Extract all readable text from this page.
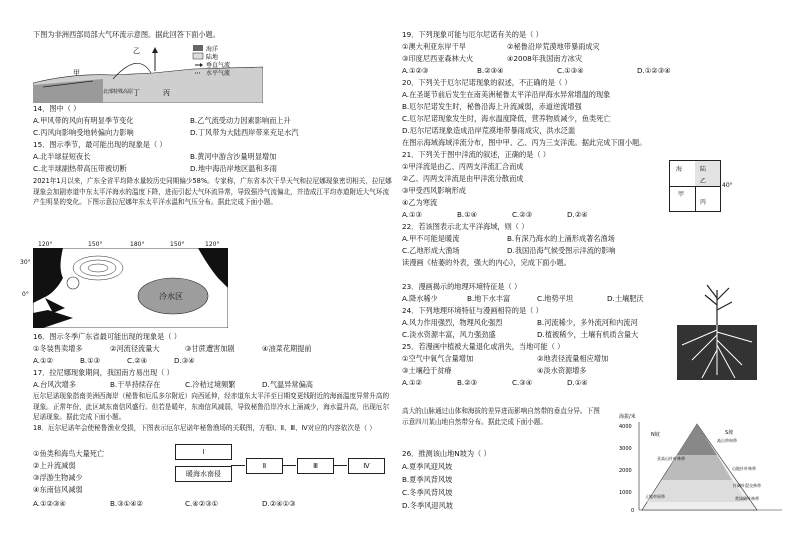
下图为非洲西部局部大气环流示意图。据此回答下面小题。
乙
甲
丙
丁
北部特殊高原
海洋
陆地
垂直气流
水平气流
14．图中（ ）
A.甲风带的风向有明显季节变化
C.丙风向影响受地转偏向力影响
B.乙气流受动力因素影响而上升
D.丁风带为大陆西岸带来充足水汽
15．图示季节，最可能出现的现象是（ ）
A.北半球昼短夜长
C.北半球副热带高压带被切断
B.黄河中游含沙量明显增加
D.地中海沿岸地区温和多雨
2021年1月以来，广东全省平均降水量较历史同期偏少58%。专家称，广东省本次干旱天气和拉尼娜现象密切相关，拉尼娜现象会加剧赤道中东太平洋海水的温度下降，进而引起大气环流异常，导致强冷气流偏北，并造成江平均赤道附近大气环流产生明显的变化。下图示意拉尼娜年东太平洋水温和气压分布。据此完成下面小题。
冷水区
120°	150°	180°	150°	120°
30°
0°
16．图示冬季广东省最可能出现的现象是（ ）
①冬装售卖增多	②河流径流量大	③甘蔗遭害加剧	④油菜花期提前
A.①②	B.①③	C.②④	D.③④
17．拉尼娜现象期间，我国南方易出现（ ）
A.台风次增多	B.干旱持续存在	C.冷秸过境频繁	D.气温异常偏高
厄尔尼诺现象指南美洲西海岸（秘鲁和厄瓜多尔附近）向西延伸，经赤道东太平洋至日期变更线附近的海面温度异常升高的现象。正常年份，此区域东南信风盛行。但若是暖年，东南信风减弱，导致秘鲁沿岸冷水上涌减少，海水温升高，出现厄尔尼诺现象。据此完成下面小题。
18．厄尔尼诺年会使秘鲁渔业受损，下图表示厄尔尼诺年秘鲁渔场的关联图，方框Ⅰ、Ⅱ、Ⅲ、Ⅳ对应的内容依次是（ ）
①鱼类和海鸟大量死亡
②上升流减弱
③浮游生物减少
④东南信风减弱
A.①②③④	B.③①④②	C.④②③①	D.②④①③
Ⅰ
暖海水南侵
Ⅱ	Ⅲ	Ⅳ
19．下列现象可能与厄尔尼诺有关的是（ ）
①澳大利亚东岸干旱	②秘鲁沿岸荒漠地带暴雨成灾
③印度尼西亚森林大火	④2008年我国南方冰灾
A.①②③	B.②③④	C.①③④	D.①②③④
20．下列关于厄尔尼诺现象的叙述，不正确的是（ ）
A.在圣诞节前后发生在南美洲秘鲁太平洋沿岸海水异常增温的现象
B.厄尔尼诺发生时，秘鲁沿海上升流减弱，赤道逆流增强
C.厄尔尼诺现象发生时，海水温度降低，营养物质减少，鱼类死亡
D.厄尔尼诺现象造成沿岸荒漠地带暴雨成灾，洪水泛滥
在图示海域海域洋流分布，图中甲、乙、丙为三支洋流。据此完成下面小题。
海	陆
甲
乙
丙
40°
21．下列关于图中洋流的叙述，正确的是（ ）
①甲洋流是由乙、丙两支洋流汇合而成
②乙、丙两支洋流是由甲洋流分散而成
③甲受西风影响形成
④乙为寒流
A.①③	B.①④	C.②③	D.②④
22．若该图表示北太平洋海域，则（ ）
A.甲不可能是暖流	B.有深乃海水的上涌形成著名渔场
C.乙地形成大渔场	D.我国沿海气候受图示洋流的影响
读漫画《枯萎的外表，强大的内心》，完成下面小题。
23．漫画揭示的地理环境特征是（ ）
A.降水稀少	B.地下水丰富	C.地势平坦	D.土壤肥沃
24．下列地理环境特征与漫画相符的是（ ）
A.风力作用强烈，物理风化强烈	B.河流稀少，多外流河和内流河
C.淡水资源丰富，风力强劲盛	D.植被稀少，土壤有机质含量大
25．若漫画中植被大量退化或消失，当地可能（ ）
①空气中氧气含量增加	②地表径流量相应增加
③土壤趋于贫瘠	④淡水资源增多
A.①②	B.②③	C.③④	D.①④
高大的山脉通过山体和海拔的差异进而影响自然带的垂直分异。下图示意四川某山地自然带分布。据此完成下面小题。
26．推测该山地N坡为（ ）
A.夏季风迎风坡
B.夏季风背风坡
C.冬季风背风坡
D.冬季风迎风坡
海拔/米
4000
3000
2000
1000
0
N坡	S坡
高山草甸带
亚高山针叶林带
山地针叶林带
针阔叶混交林带
常绿阔叶林带
土地草原带
